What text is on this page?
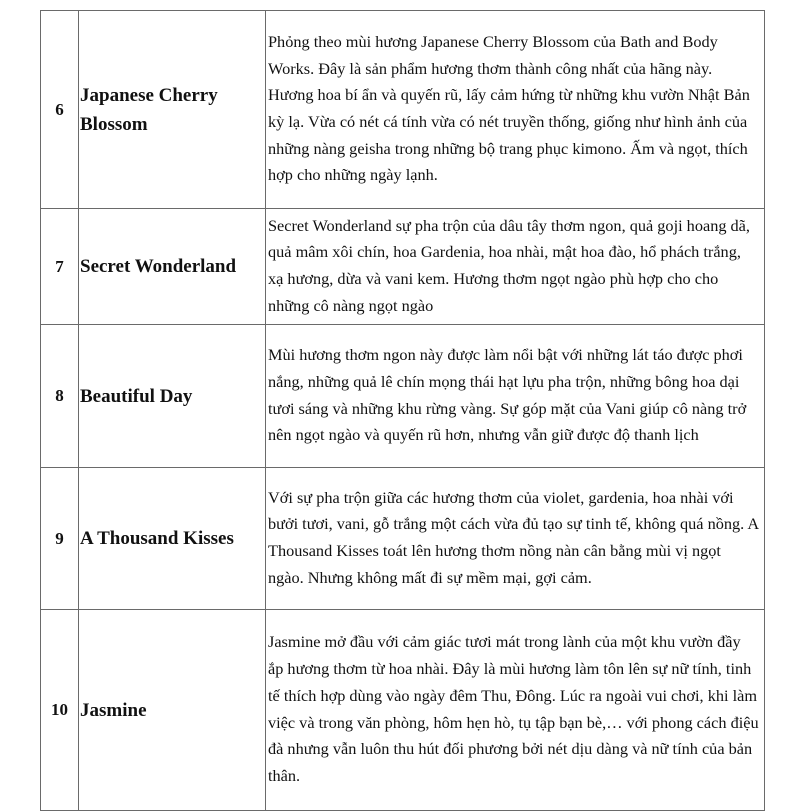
6	Japanese Cherry Blossom	Phỏng theo mùi hương Japanese Cherry Blossom của Bath and Body Works. Đây là sản phẩm hương thơm thành công nhất của hãng này. Hương hoa bí ẩn và quyến rũ, lấy cảm hứng từ những khu vườn Nhật Bản kỳ lạ. Vừa có nét cá tính vừa có nét truyền thống, giống như hình ảnh của những nàng geisha trong những bộ trang phục kimono. Ấm và ngọt, thích hợp cho những ngày lạnh.
7	Secret Wonderland	Secret Wonderland sự pha trộn của dâu tây thơm ngon, quả goji hoang dã, quả mâm xôi chín, hoa Gardenia, hoa nhài, mật hoa đào, hổ phách trắng, xạ hương, dừa và vani kem. Hương thơm ngọt ngào phù hợp cho cho những cô nàng ngọt ngào
8	Beautiful Day	Mùi hương thơm ngon này được làm nổi bật với những lát táo được phơi nắng, những quả lê chín mọng thái hạt lựu pha trộn, những bông hoa dại tươi sáng và những khu rừng vàng. Sự góp mặt của Vani giúp cô nàng trở nên ngọt ngào và quyến rũ hơn, nhưng vẫn giữ được độ thanh lịch
9	A Thousand Kisses	Với sự pha trộn giữa các hương thơm của violet, gardenia, hoa nhài với bưởi tươi, vani, gỗ trắng một cách vừa đủ tạo sự tinh tế, không quá nồng. A Thousand Kisses toát lên hương thơm nồng nàn cân bằng mùi vị ngọt ngào. Nhưng không mất đi sự mềm mại, gợi cảm.
10	Jasmine	Jasmine mở đầu với cảm giác tươi mát trong lành của một khu vườn đầy ắp hương thơm từ hoa nhài. Đây là mùi hương làm tôn lên sự nữ tính, tinh tế thích hợp dùng vào ngày đêm Thu, Đông. Lúc ra ngoài vui chơi, khi làm việc và trong văn phòng, hôm hẹn hò, tụ tập bạn bè,… với phong cách điệu đà nhưng vẫn luôn thu hút đối phương bởi nét dịu dàng và nữ tính của bản thân.
